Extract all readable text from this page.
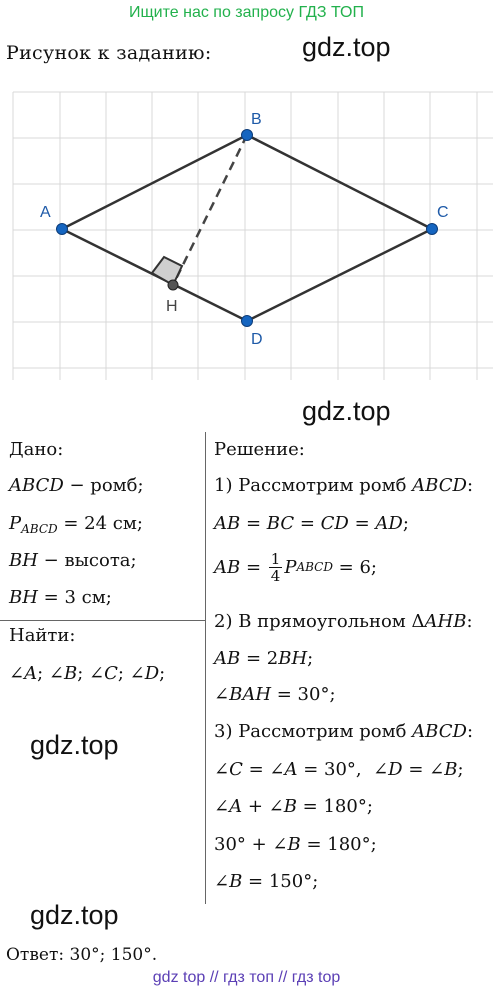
Ищите нас по запросу ГДЗ ТОП
Рисунок к заданию:	gdz.top
A
B
C
D
H
gdz.top
Дано:
ABCD − ромб;
$P_{ABCD} = 24$ см;
BH − высота;
BH = 3 см;
Найти:
∠A; ∠B; ∠C; ∠D;
gdz.top
Решение:
1) Рассмотрим ромб ABCD:
AB = BC = CD = AD;
AB = 1
4 P ABCD = 6;
2) В прямоугольном ΔAHB:
AB = 2BH;
∠BAH = 30°;
3) Рассмотрим ромб ABCD:
∠C = ∠A = 30°,  ∠D = ∠B;
∠A + ∠B = 180°;
30° + ∠B = 180°;
∠B = 150°;
gdz.top
Ответ: 30°; 150°.
gdz top // гдз топ // гдз top
